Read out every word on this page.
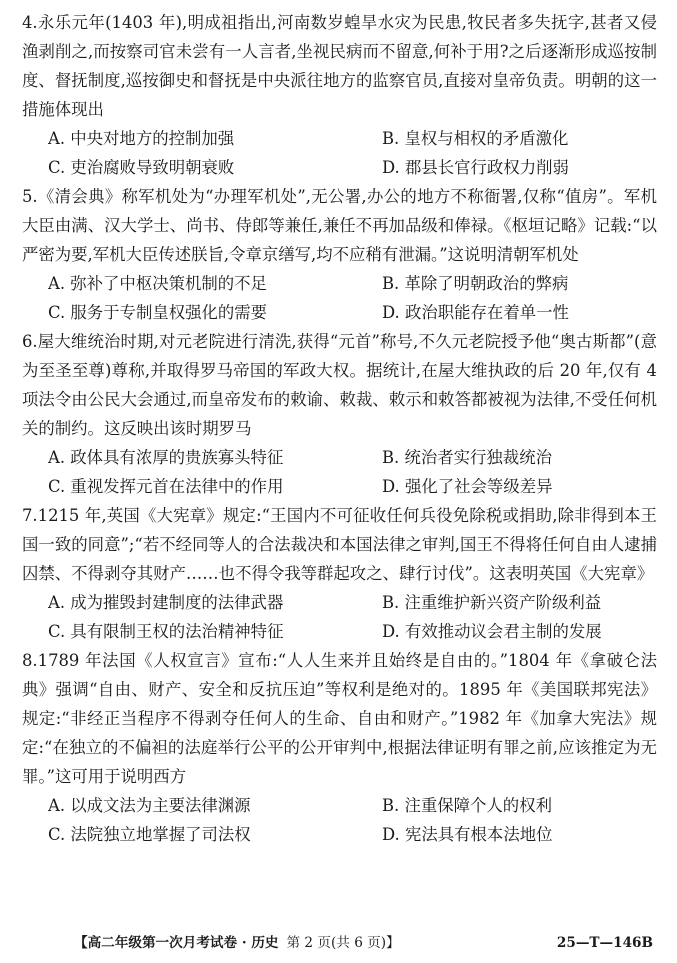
4.永乐元年(1403 年),明成祖指出,河南数岁蝗旱水灾为民患,牧民者多失抚字,甚者又侵渔剥削之,而按察司官未尝有一人言者,坐视民病而不留意,何补于用?之后逐渐形成巡按制度、督抚制度,巡按御史和督抚是中央派往地方的监察官员,直接对皇帝负责。明朝的这一措施体现出

A. 中央对地方的控制加强	B. 皇权与相权的矛盾激化
C. 吏治腐败导致明朝衰败	D. 郡县长官行政权力削弱

5.《清会典》称军机处为“办理军机处”,无公署,办公的地方不称衙署,仅称“值房”。军机大臣由满、汉大学士、尚书、侍郎等兼任,兼任不再加品级和俸禄。《枢垣记略》记载:“以严密为要,军机大臣传述朕旨,令章京缮写,均不应稍有泄漏。”这说明清朝军机处

A. 弥补了中枢决策机制的不足	B. 革除了明朝政治的弊病
C. 服务于专制皇权强化的需要	D. 政治职能存在着单一性

6.屋大维统治时期,对元老院进行清洗,获得“元首”称号,不久元老院授予他“奥古斯都”(意为至圣至尊)尊称,并取得罗马帝国的军政大权。据统计,在屋大维执政的后 20 年,仅有 4 项法令由公民大会通过,而皇帝发布的敕谕、敕裁、敕示和敕答都被视为法律,不受任何机关的制约。这反映出该时期罗马

A. 政体具有浓厚的贵族寡头特征	B. 统治者实行独裁统治
C. 重视发挥元首在法律中的作用	D. 强化了社会等级差异

7.1215 年,英国《大宪章》规定:“王国内不可征收任何兵役免除税或捐助,除非得到本王国一致的同意”;“若不经同等人的合法裁决和本国法律之审判,国王不得将任何自由人逮捕囚禁、不得剥夺其财产……也不得令我等群起攻之、肆行讨伐”。这表明英国《大宪章》

A. 成为摧毁封建制度的法律武器	B. 注重维护新兴资产阶级利益
C. 具有限制王权的法治精神特征	D. 有效推动议会君主制的发展

8.1789 年法国《人权宣言》宣布:“人人生来并且始终是自由的。”1804 年《拿破仑法典》强调“自由、财产、安全和反抗压迫”等权利是绝对的。1895 年《美国联邦宪法》规定:“非经正当程序不得剥夺任何人的生命、自由和财产。”1982 年《加拿大宪法》规定:“在独立的不偏袒的法庭举行公平的公开审判中,根据法律证明有罪之前,应该推定为无罪。”这可用于说明西方

A. 以成文法为主要法律渊源	B. 注重保障个人的权利
C. 法院独立地掌握了司法权	D. 宪法具有根本法地位
【高二年级第一次月考试卷 · 历史 第 2 页(共 6 页)】	25—T—146B
